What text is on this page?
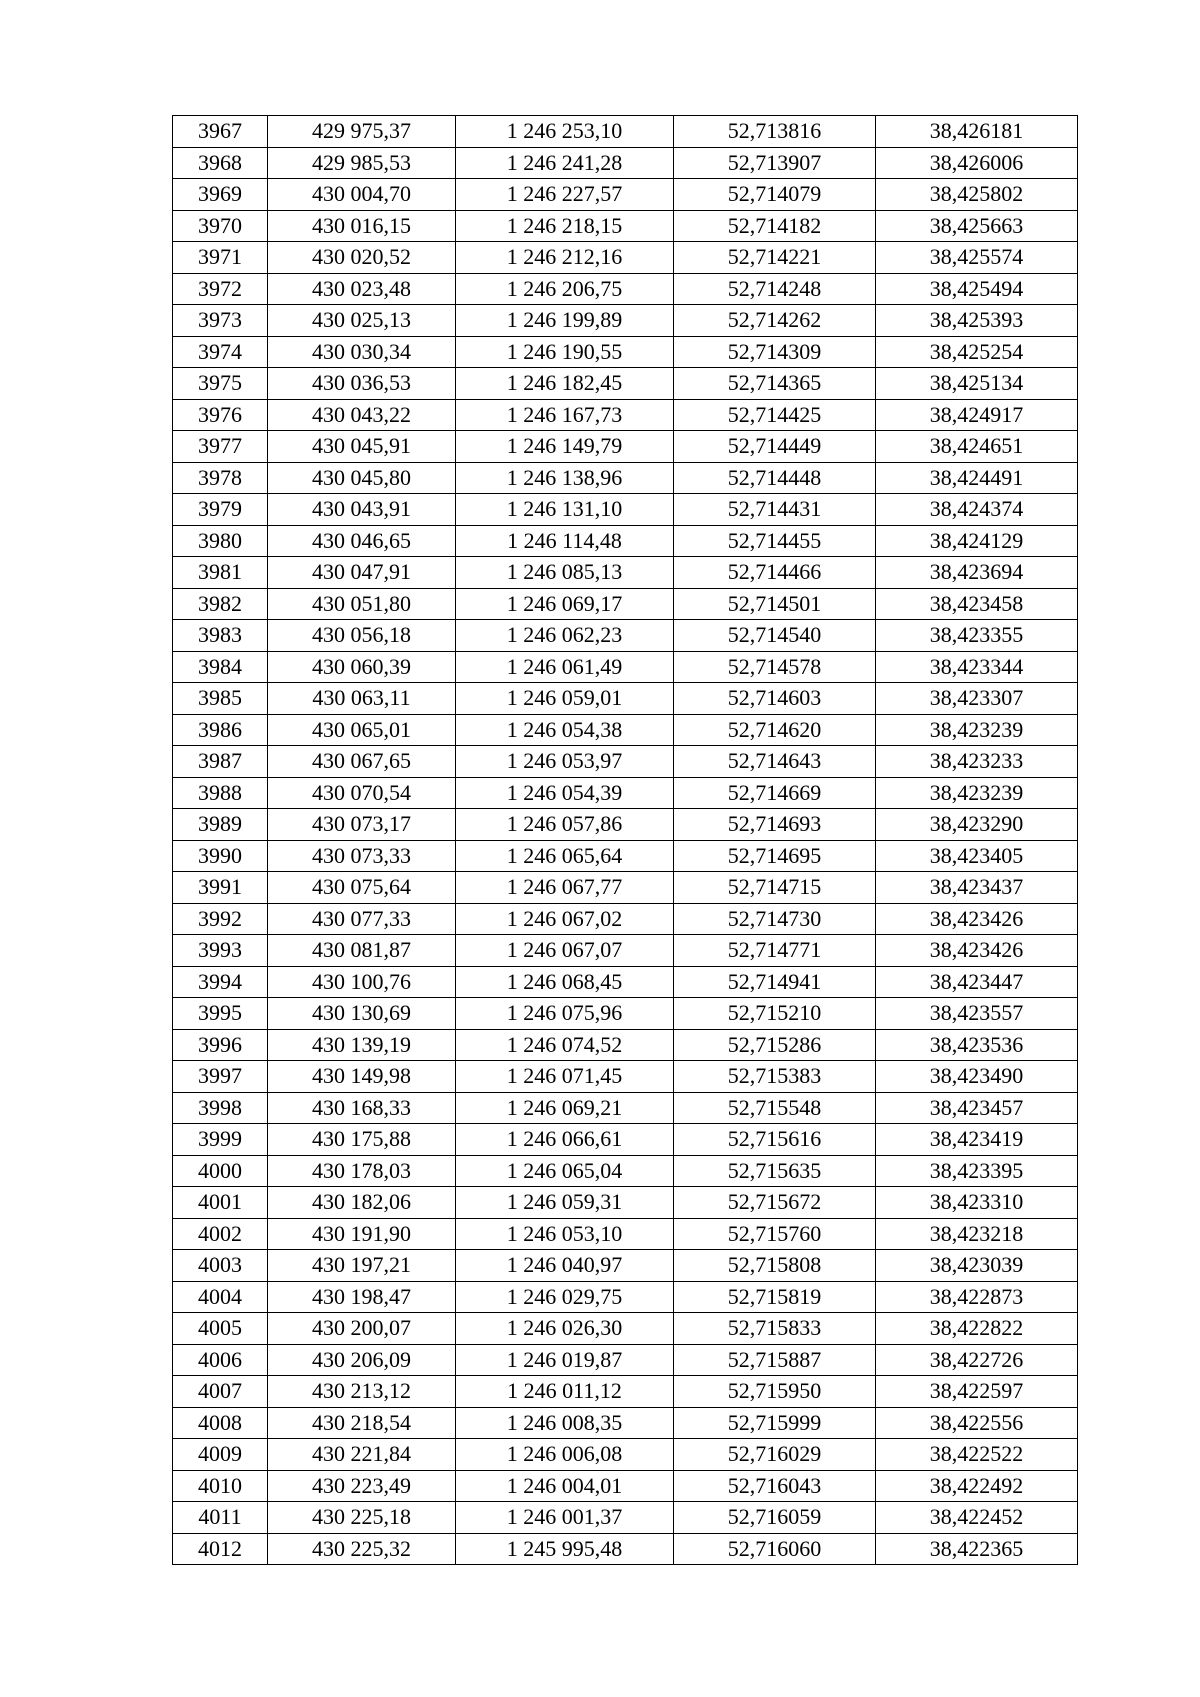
3967	429 975,37	1 246 253,10	52,713816	38,426181
3968	429 985,53	1 246 241,28	52,713907	38,426006
3969	430 004,70	1 246 227,57	52,714079	38,425802
3970	430 016,15	1 246 218,15	52,714182	38,425663
3971	430 020,52	1 246 212,16	52,714221	38,425574
3972	430 023,48	1 246 206,75	52,714248	38,425494
3973	430 025,13	1 246 199,89	52,714262	38,425393
3974	430 030,34	1 246 190,55	52,714309	38,425254
3975	430 036,53	1 246 182,45	52,714365	38,425134
3976	430 043,22	1 246 167,73	52,714425	38,424917
3977	430 045,91	1 246 149,79	52,714449	38,424651
3978	430 045,80	1 246 138,96	52,714448	38,424491
3979	430 043,91	1 246 131,10	52,714431	38,424374
3980	430 046,65	1 246 114,48	52,714455	38,424129
3981	430 047,91	1 246 085,13	52,714466	38,423694
3982	430 051,80	1 246 069,17	52,714501	38,423458
3983	430 056,18	1 246 062,23	52,714540	38,423355
3984	430 060,39	1 246 061,49	52,714578	38,423344
3985	430 063,11	1 246 059,01	52,714603	38,423307
3986	430 065,01	1 246 054,38	52,714620	38,423239
3987	430 067,65	1 246 053,97	52,714643	38,423233
3988	430 070,54	1 246 054,39	52,714669	38,423239
3989	430 073,17	1 246 057,86	52,714693	38,423290
3990	430 073,33	1 246 065,64	52,714695	38,423405
3991	430 075,64	1 246 067,77	52,714715	38,423437
3992	430 077,33	1 246 067,02	52,714730	38,423426
3993	430 081,87	1 246 067,07	52,714771	38,423426
3994	430 100,76	1 246 068,45	52,714941	38,423447
3995	430 130,69	1 246 075,96	52,715210	38,423557
3996	430 139,19	1 246 074,52	52,715286	38,423536
3997	430 149,98	1 246 071,45	52,715383	38,423490
3998	430 168,33	1 246 069,21	52,715548	38,423457
3999	430 175,88	1 246 066,61	52,715616	38,423419
4000	430 178,03	1 246 065,04	52,715635	38,423395
4001	430 182,06	1 246 059,31	52,715672	38,423310
4002	430 191,90	1 246 053,10	52,715760	38,423218
4003	430 197,21	1 246 040,97	52,715808	38,423039
4004	430 198,47	1 246 029,75	52,715819	38,422873
4005	430 200,07	1 246 026,30	52,715833	38,422822
4006	430 206,09	1 246 019,87	52,715887	38,422726
4007	430 213,12	1 246 011,12	52,715950	38,422597
4008	430 218,54	1 246 008,35	52,715999	38,422556
4009	430 221,84	1 246 006,08	52,716029	38,422522
4010	430 223,49	1 246 004,01	52,716043	38,422492
4011	430 225,18	1 246 001,37	52,716059	38,422452
4012	430 225,32	1 245 995,48	52,716060	38,422365
